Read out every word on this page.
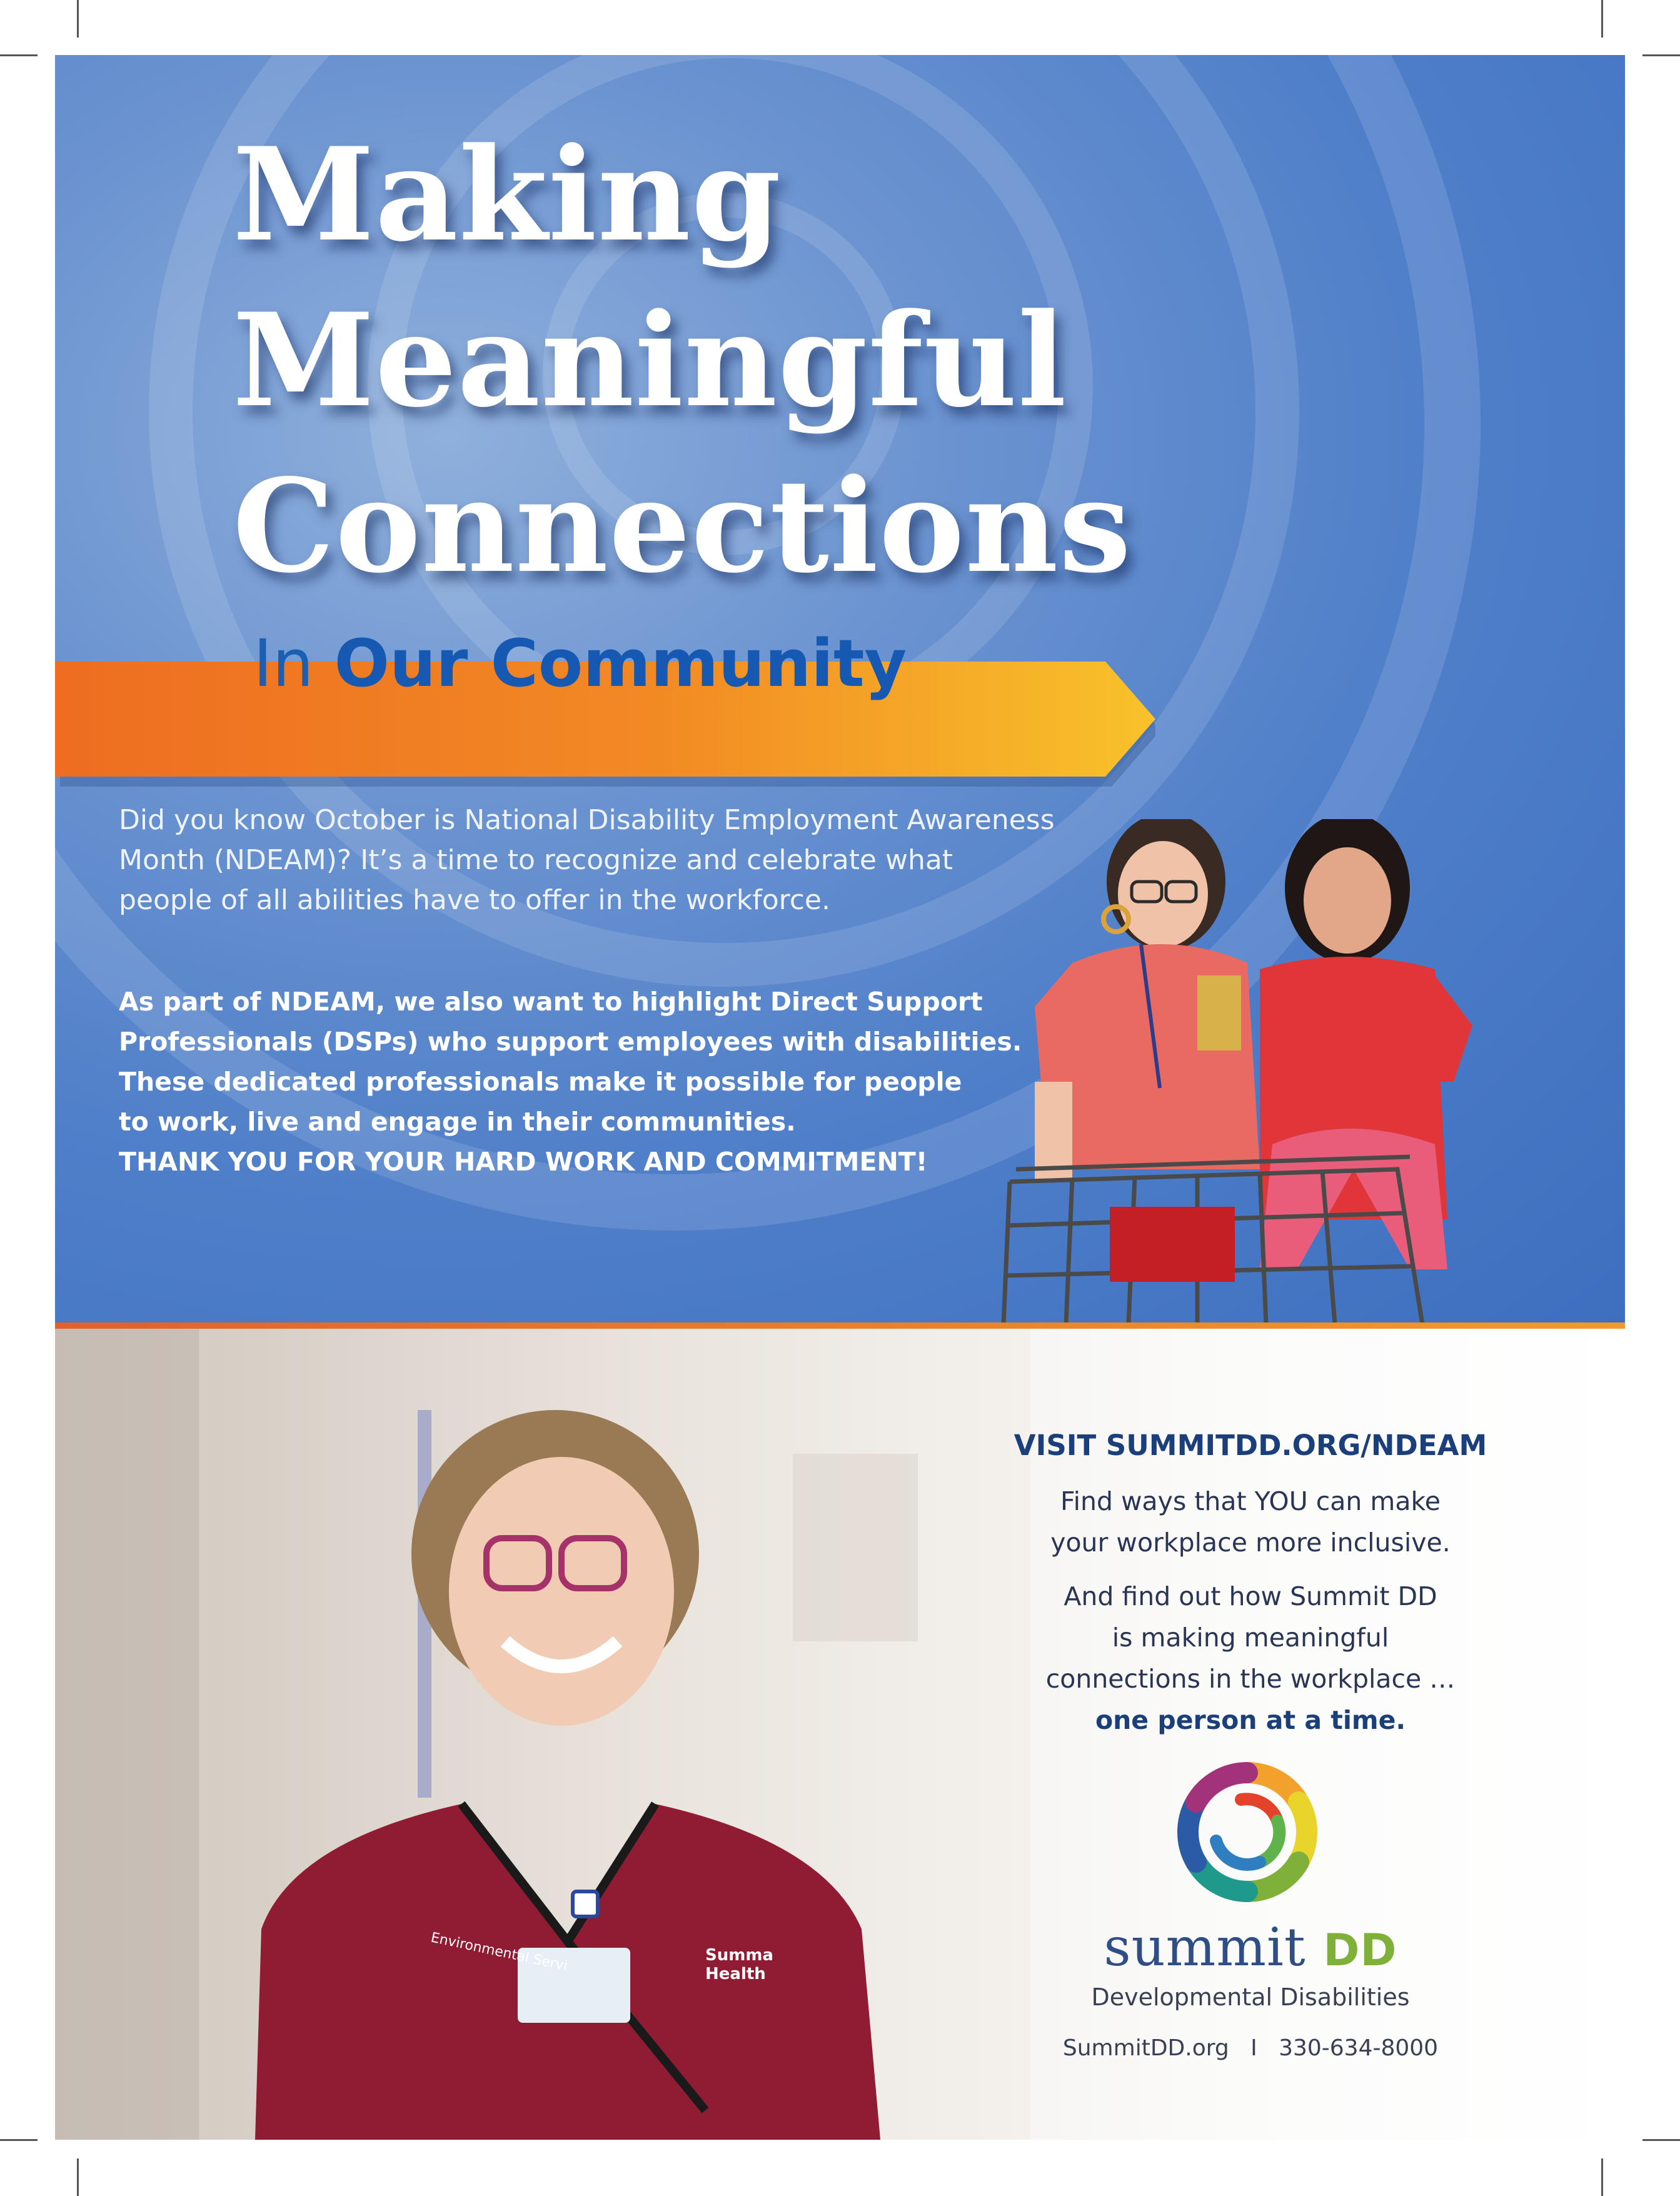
Making
Meaningful
Connections
In Our Community

Did you know October is National Disability Employment Awareness
Month (NDEAM)? It’s a time to recognize and celebrate what
people of all abilities have to offer in the workforce.

As part of NDEAM, we also want to highlight Direct Support
Professionals (DSPs) who support employees with disabilities.
These dedicated professionals make it possible for people
to work, live and engage in their communities.
THANK YOU FOR YOUR HARD WORK AND COMMITMENT!

Environmental Servi	Summa
Health

VISIT SUMMITDD.ORG/NDEAM

Find ways that YOU can make

your workplace more inclusive.

And find out how Summit DD

is making meaningful

connections in the workplace …

one person at a time.

summit DD

Developmental Disabilities

SummitDD.org I 330-634-8000
